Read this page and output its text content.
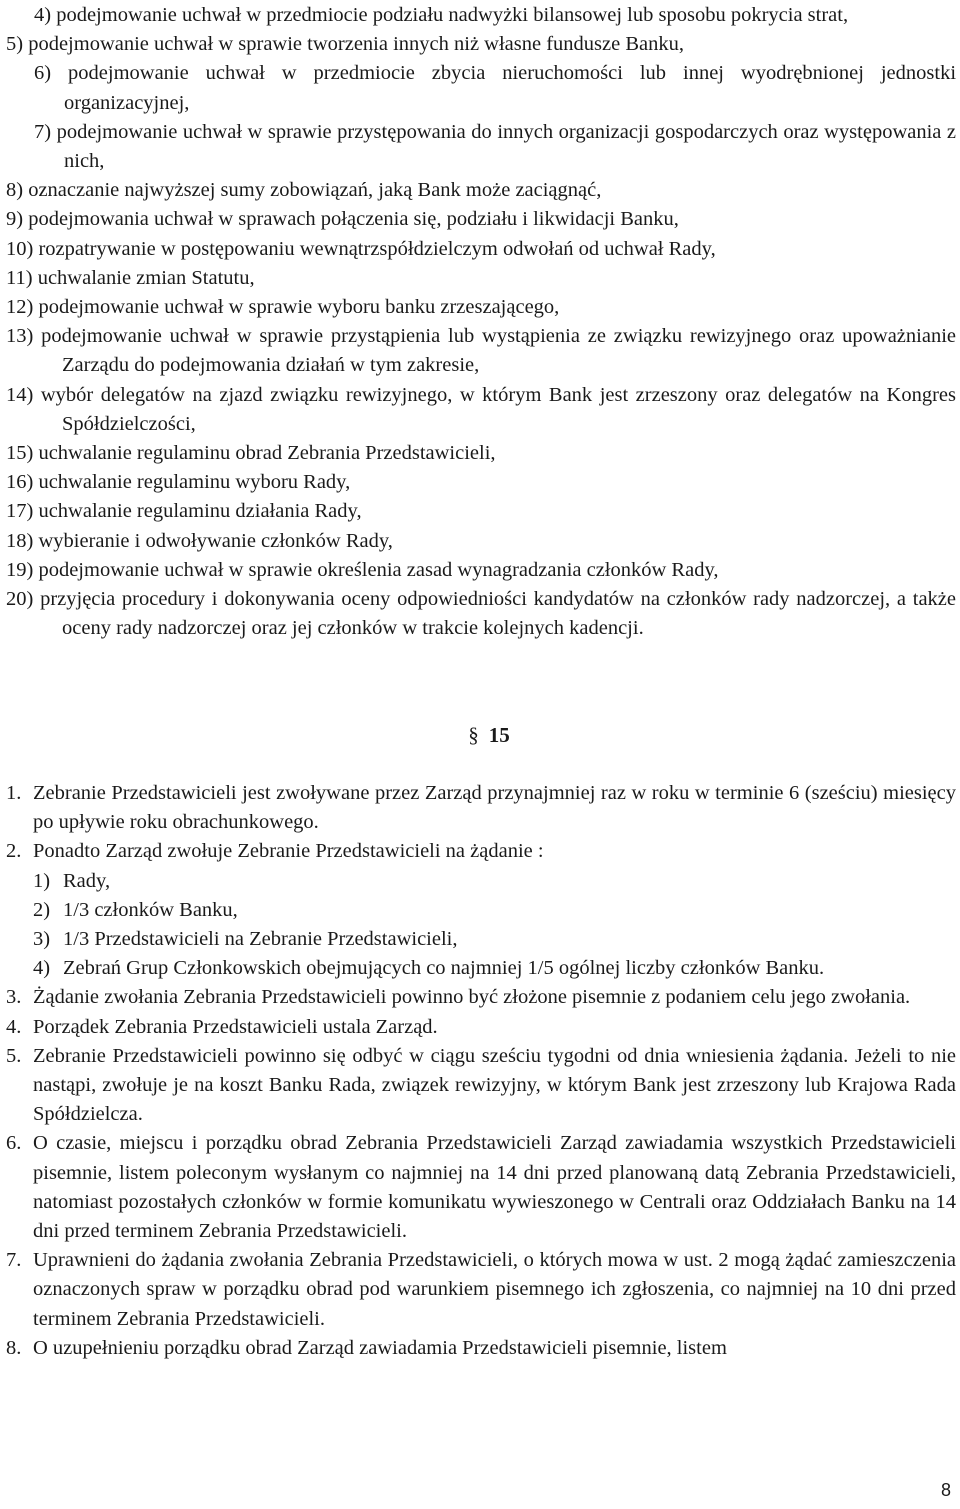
4) podejmowanie uchwał w przedmiocie podziału nadwyżki bilansowej lub sposobu pokrycia strat,
5) podejmowanie uchwał w sprawie tworzenia innych niż własne fundusze Banku,
6) podejmowanie uchwał w przedmiocie zbycia nieruchomości lub innej wyodrębnionej jednostki organizacyjnej,
7) podejmowanie uchwał w sprawie przystępowania do innych organizacji gospodarczych oraz występowania z nich,
8) oznaczanie najwyższej sumy zobowiązań, jaką Bank może zaciągnąć,
9) podejmowania uchwał w sprawach połączenia się, podziału i likwidacji Banku,
10) rozpatrywanie w postępowaniu wewnątrzspółdzielczym odwołań od uchwał Rady,
11) uchwalanie zmian Statutu,
12) podejmowanie uchwał w sprawie wyboru banku zrzeszającego,
13) podejmowanie uchwał w sprawie przystąpienia lub wystąpienia ze związku rewizyjnego oraz upoważnianie Zarządu do podejmowania działań w tym zakresie,
14) wybór delegatów na zjazd związku rewizyjnego, w którym Bank jest zrzeszony oraz delegatów na Kongres Spółdzielczości,
15) uchwalanie regulaminu obrad Zebrania Przedstawicieli,
16) uchwalanie regulaminu wyboru Rady,
17) uchwalanie regulaminu działania Rady,
18) wybieranie i odwoływanie członków Rady,
19) podejmowanie uchwał w sprawie określenia zasad wynagradzania członków Rady,
20) przyjęcia procedury i dokonywania oceny odpowiedniości kandydatów na członków rady nadzorczej, a także oceny rady nadzorczej oraz jej członków w trakcie kolejnych kadencji.
§ 15
1. Zebranie Przedstawicieli jest zwoływane przez Zarząd przynajmniej raz w roku w terminie 6 (sześciu) miesięcy po upływie roku obrachunkowego.
2. Ponadto Zarząd zwołuje Zebranie Przedstawicieli na żądanie :
1) Rady,
2) 1/3 członków Banku,
3) 1/3 Przedstawicieli na Zebranie Przedstawicieli,
4) Zebrań Grup Członkowskich obejmujących co najmniej 1/5 ogólnej liczby członków Banku.
3. Żądanie zwołania Zebrania Przedstawicieli powinno być złożone pisemnie z podaniem celu jego zwołania.
4. Porządek Zebrania Przedstawicieli ustala Zarząd.
5. Zebranie Przedstawicieli powinno się odbyć w ciągu sześciu tygodni od dnia wniesienia żądania. Jeżeli to nie nastąpi, zwołuje je na koszt Banku Rada, związek rewizyjny, w którym Bank jest zrzeszony lub Krajowa Rada Spółdzielcza.
6. O czasie, miejscu i porządku obrad Zebrania Przedstawicieli Zarząd zawiadamia wszystkich Przedstawicieli pisemnie, listem poleconym wysłanym co najmniej na 14 dni przed planowaną datą Zebrania Przedstawicieli, natomiast pozostałych członków w formie komunikatu wywieszonego w Centrali oraz Oddziałach Banku na 14 dni przed terminem Zebrania Przedstawicieli.
7. Uprawnieni do żądania zwołania Zebrania Przedstawicieli, o których mowa w ust. 2 mogą żądać zamieszczenia oznaczonych spraw w porządku obrad pod warunkiem pisemnego ich zgłoszenia, co najmniej na 10 dni przed terminem Zebrania Przedstawicieli.
8. O uzupełnieniu porządku obrad Zarząd zawiadamia Przedstawicieli pisemnie, listem
8
